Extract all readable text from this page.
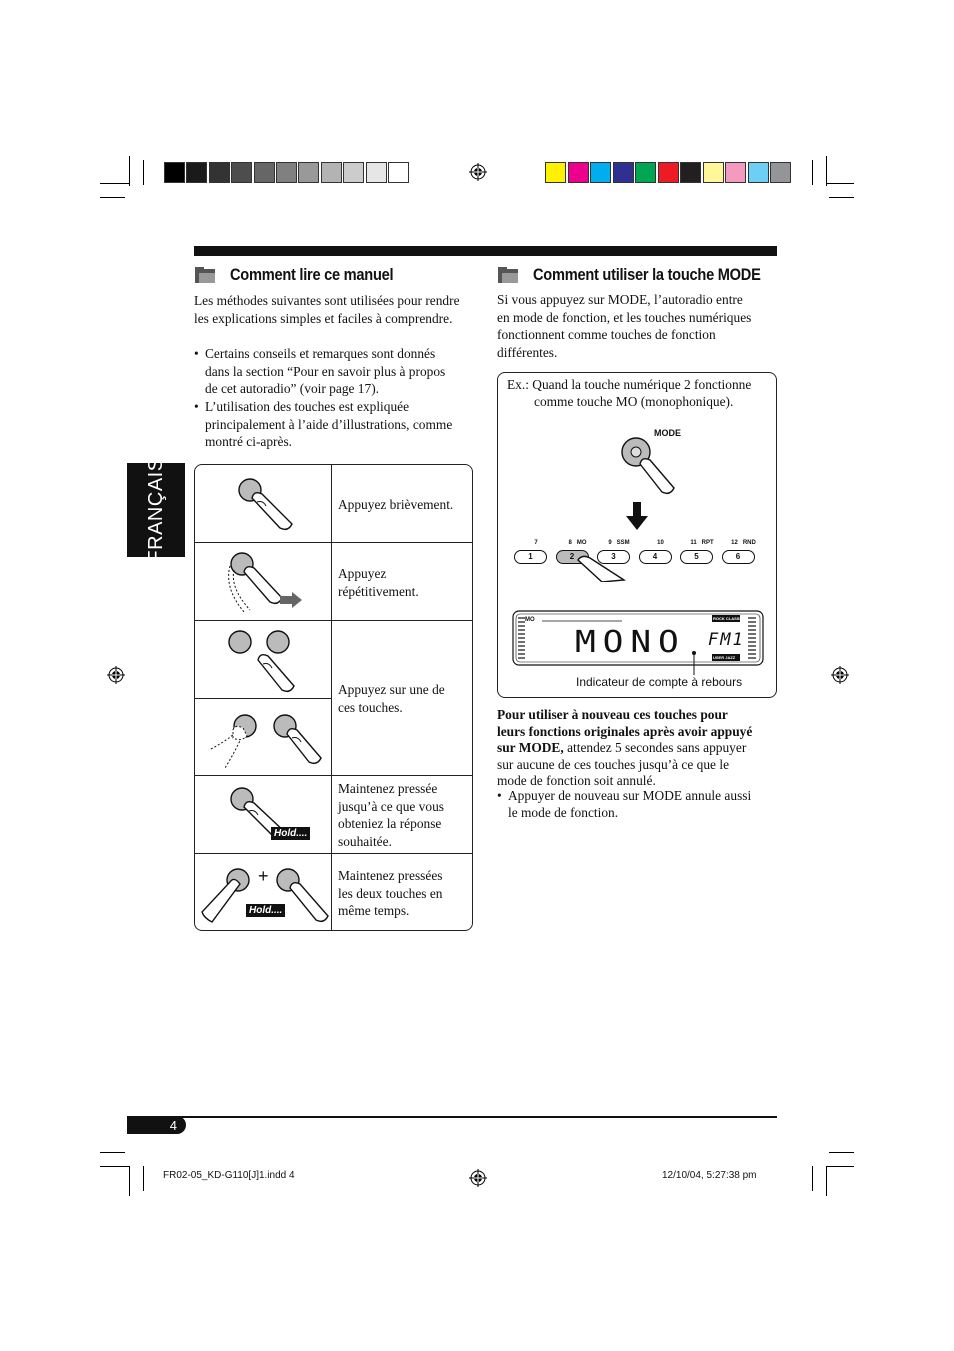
FRANÇAIS
Comment lire ce manuel
Les méthodes suivantes sont utilisées pour rendre les explications simples et faciles à comprendre.
• Certains conseils et remarques sont donnés
dans la section “Pour en savoir plus à propos
de cet autoradio” (voir page 17).
• L’utilisation des touches est expliquée
principalement à l’aide d’illustrations, comme
montré ci-après.
Appuyez brièvement.
Appuyez
répétitivement.
Appuyez sur une de
ces touches.
Hold....
Maintenez pressée
jusqu’à ce que vous
obteniez la réponse
souhaitée.
+
Hold....
Maintenez pressées
les deux touches en
même temps.
Comment utiliser la touche MODE
Si vous appuyez sur MODE, l’autoradio entre
en mode de fonction, et les touches numériques
fonctionnent comme touches de fonction
différentes.
Ex.: Quand la touche numérique 2 fonctionne
comme touche MO (monophonique).
MODE
7
1
8   MO
2
9   SSM
3
10
4
11   RPT
5
12   RND
6
MO
MONO FM1
ROCK CLASSIC
USER JAZZ
Indicateur de compte à rebours
Pour utiliser à nouveau ces touches pour
leurs fonctions originales après avoir appuyé
sur MODE, attendez 5 secondes sans appuyer
sur aucune de ces touches jusqu’à ce que le
mode de fonction soit annulé.
• Appuyer de nouveau sur MODE annule aussi
le mode de fonction.
4
FR02-05_KD-G110[J]1.indd 4	12/10/04, 5:27:38 pm
